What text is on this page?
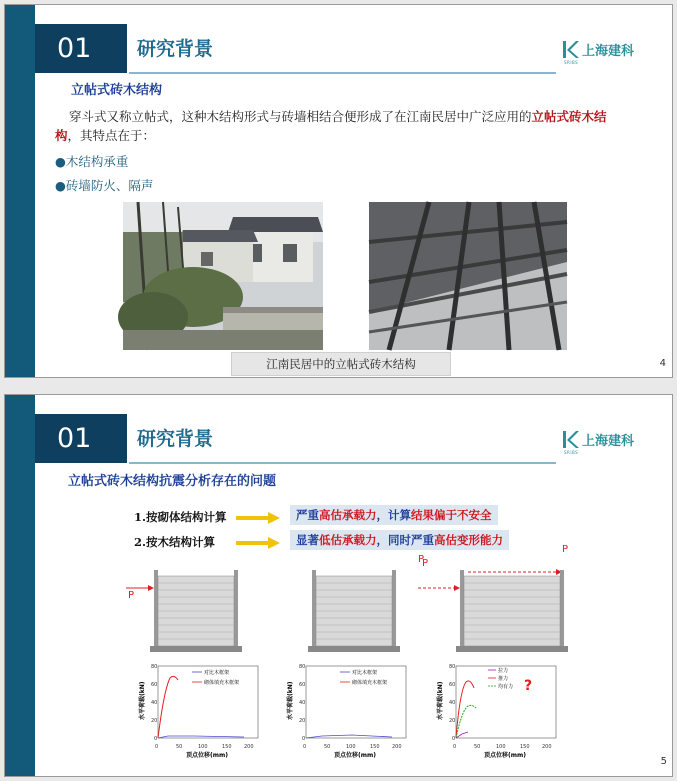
01	研究背景
SRIBS
上海建科
立帖式砖木结构
穿斗式又称立帖式，这种木结构形式与砖墙相结合便形成了在江南民居中广泛应用的立帖式砖木结构，其特点在于：
●木结构承重
●砖墙防火、隔声
江南民居中的立帖式砖木结构	4
01	研究背景
SRIBS
上海建科
立帖式砖木结构抗震分析存在的问题
1.按砌体结构计算	严重高估承载力，计算结果偏于不安全
2.按木结构计算	显著低估承载力，同时严重高估变形能力
P
P
P
P
80
60
40
20
0
0	50	100	150 200
水平荷载(kN)
顶点位移(mm)
对比木框架
砌体填充木框架
80
60
40
20
0
0	50	100	150 200
水平荷载(kN)
顶点位移(mm)
对比木框架
砌体填充木框架
80
60
40
20
0
0	50	100	150 200
水平荷载(kN)
顶点位移(mm)
拉力
推力
均有力 ?
5
